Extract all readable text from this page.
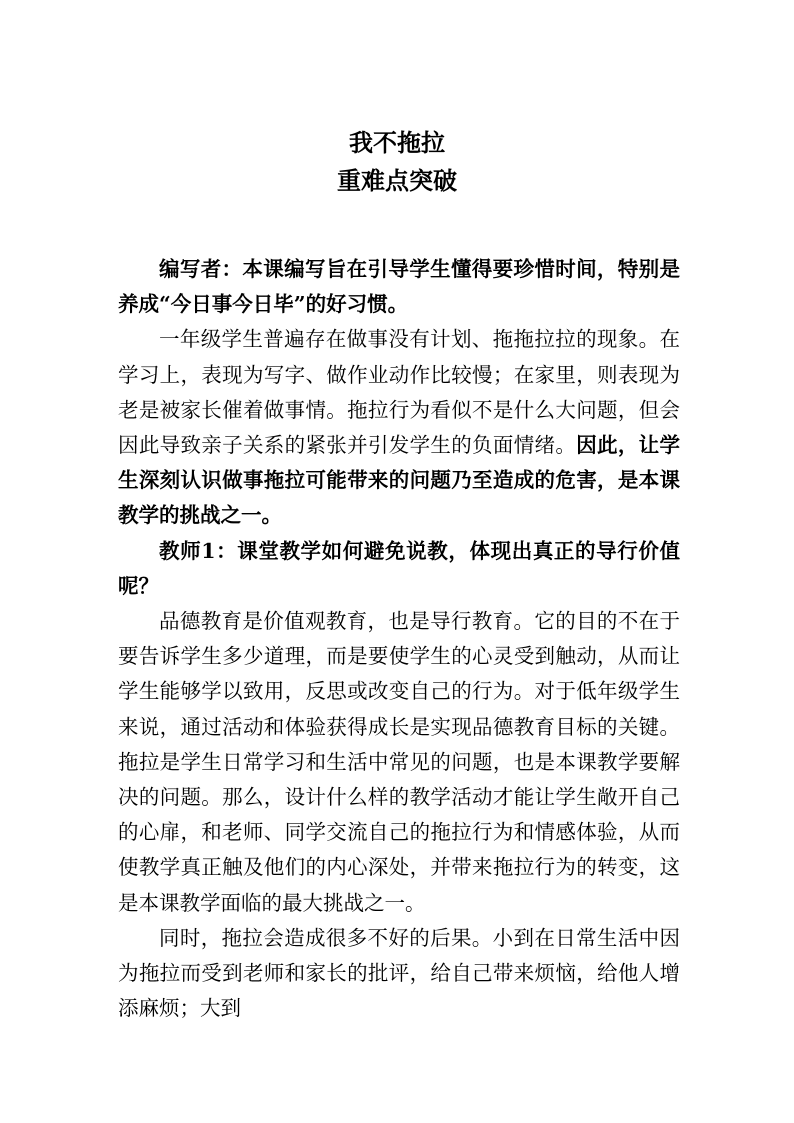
我不拖拉
重难点突破

编写者：本课编写旨在引导学生懂得要珍惜时间，特别是养成“今日事今日毕”的好习惯。

一年级学生普遍存在做事没有计划、拖拖拉拉的现象。在学习上，表现为写字、做作业动作比较慢；在家里，则表现为老是被家长催着做事情。拖拉行为看似不是什么大问题，但会因此导致亲子关系的紧张并引发学生的负面情绪。因此，让学生深刻认识做事拖拉可能带来的问题乃至造成的危害，是本课教学的挑战之一。

教师1：课堂教学如何避免说教，体现出真正的导行价值呢？

品德教育是价值观教育，也是导行教育。它的目的不在于要告诉学生多少道理，而是要使学生的心灵受到触动，从而让学生能够学以致用，反思或改变自己的行为。对于低年级学生来说，通过活动和体验获得成长是实现品德教育目标的关键。拖拉是学生日常学习和生活中常见的问题，也是本课教学要解决的问题。那么，设计什么样的教学活动才能让学生敞开自己的心扉，和老师、同学交流自己的拖拉行为和情感体验，从而使教学真正触及他们的内心深处，并带来拖拉行为的转变，这是本课教学面临的最大挑战之一。

同时，拖拉会造成很多不好的后果。小到在日常生活中因为拖拉而受到老师和家长的批评，给自己带来烦恼，给他人增添麻烦；大到
